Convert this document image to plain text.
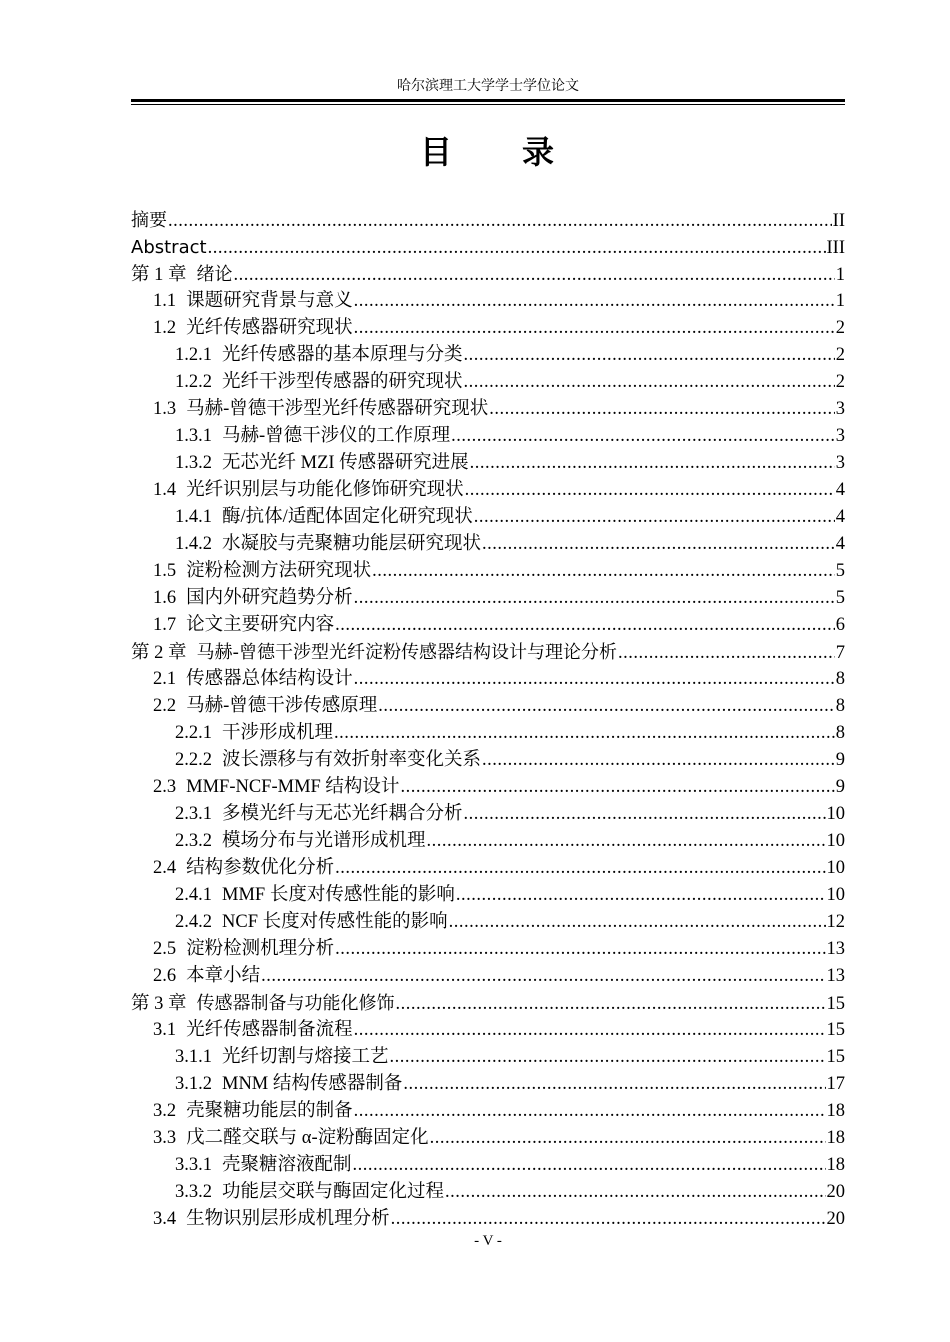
哈尔滨理工大学学士学位论文
目　　录
摘要 .....	II
Abstract .....	III
第 1 章 绪论 .....	1
1.1 课题研究背景与意义 .....	1
1.2 光纤传感器研究现状 .....	2
1.2.1 光纤传感器的基本原理与分类 .....	2
1.2.2 光纤干涉型传感器的研究现状 .....	2
1.3 马赫-曾德干涉型光纤传感器研究现状 .....	3
1.3.1 马赫-曾德干涉仪的工作原理 .....	3
1.3.2 无芯光纤 MZI 传感器研究进展 .....	3
1.4 光纤识别层与功能化修饰研究现状 .....	4
1.4.1 酶/抗体/适配体固定化研究现状 .....	4
1.4.2 水凝胶与壳聚糖功能层研究现状 .....	4
1.5 淀粉检测方法研究现状 .....	5
1.6 国内外研究趋势分析 .....	5
1.7 论文主要研究内容 .....	6
第 2 章 马赫-曾德干涉型光纤淀粉传感器结构设计与理论分析 .....	7
2.1 传感器总体结构设计 .....	8
2.2 马赫-曾德干涉传感原理 .....	8
2.2.1 干涉形成机理 .....	8
2.2.2 波长漂移与有效折射率变化关系 .....	9
2.3 MMF-NCF-MMF 结构设计 .....	9
2.3.1 多模光纤与无芯光纤耦合分析 .....	10
2.3.2 模场分布与光谱形成机理 .....	10
2.4 结构参数优化分析 .....	10
2.4.1 MMF 长度对传感性能的影响 .....	10
2.4.2 NCF 长度对传感性能的影响 .....	12
2.5 淀粉检测机理分析 .....	13
2.6 本章小结 .....	13
第 3 章 传感器制备与功能化修饰 .....	15
3.1 光纤传感器制备流程 .....	15
3.1.1 光纤切割与熔接工艺 .....	15
3.1.2 MNM 结构传感器制备 .....	17
3.2 壳聚糖功能层的制备 .....	18
3.3 戊二醛交联与 α-淀粉酶固定化 .....	18
3.3.1 壳聚糖溶液配制 .....	18
3.3.2 功能层交联与酶固定化过程 .....	20
3.4 生物识别层形成机理分析 .....	20
- V -
